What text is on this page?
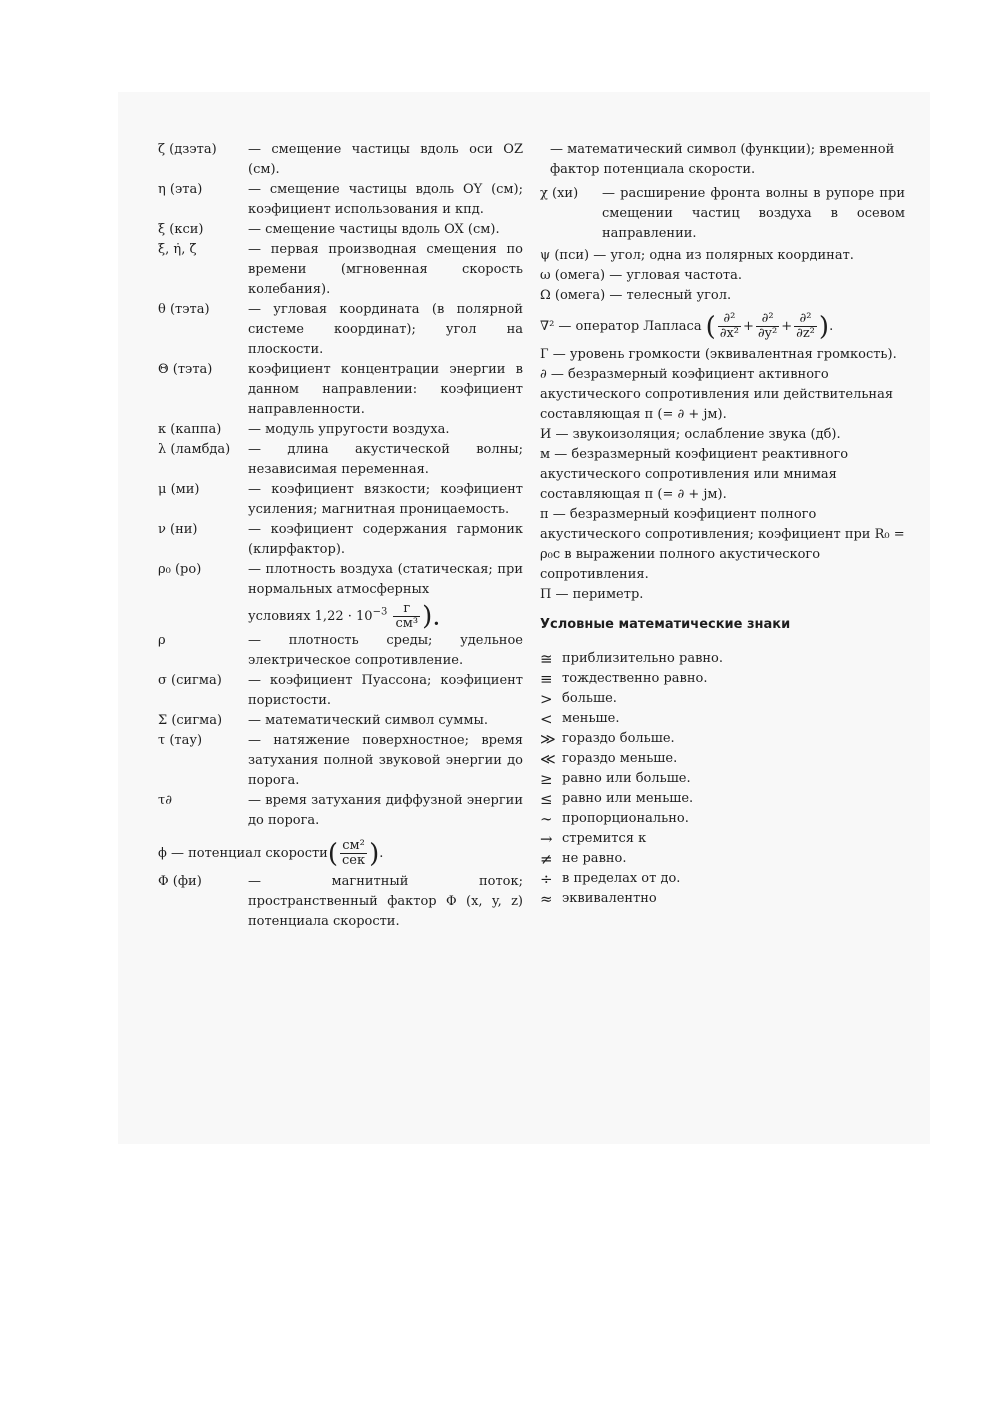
ζ (дзэта) — смещение частицы вдоль оси OZ (см).
η (эта)	— смещение частицы вдоль OY (см); коэфициент использования и кпд.
ξ (кси)	— смещение частицы вдоль OX (см).
ξ̇, η̇, ζ̇	— первая производная смещения по времени (мгновенная скорость колебания).
θ (тэта)	— угловая координата (в полярной системе координат); угол на плоскости.
Θ (тэта)	коэфициент концентрации энергии в данном направлении: коэфициент направленности.
κ (каппа) — модуль упругости воздуха.
λ (ламбда) — длина акустической волны; независимая переменная.
μ (ми)	— коэфициент вязкости; коэфициент усиления; магнитная проницаемость.
ν (ни)	— коэфициент содержания гармоник (клирфактор).
ρ₀ (ро)	— плотность воздуха (статическая; при нормальных атмосферных
условиях $1,22 \cdot 10^{-3} \frac{г}{\text{см³}}$ ).
ρ	— плотность среды; удельное электрическое сопротивление.
σ (сигма) — коэфициент Пуассона; коэфициент пористости.
Σ (сигма) — математический символ суммы.
τ (тау)	— натяжение поверхностное; время затухания полной звуковой энергии до порога.
τ∂	— время затухания диффузной энергии до порога.
ϕ — потенциал скорости ( $\frac{\text{см²}}{\text{сек}}$ ) .
Φ (фи)	— магнитный поток; пространственный фактор Φ (x, y, z) потенциала скорости.
— математический символ (функции); временной фактор потенциала скорости.
χ (хи) — расширение фронта волны в рупоре при смещении частиц воздуха в осевом направлении.
ψ (пси) — угол; одна из полярных координат.
ω (омега) — угловая частота.
Ω (омега) — телесный угол.
∇² — оператор Лапласа ( $\frac{\text{∂²}}{\text{∂x²}} + \frac{\text{∂²}}{\text{∂y²}} + \frac{\text{∂²}}{\text{∂z²}}$ ) .
Г — уровень громкости (эквивалентная громкость).
∂ — безразмерный коэфициент активного акустического сопротивления или действительная составляющая п (= ∂ + jм).
И — звукоизоляция; ослабление звука (дб).
м — безразмерный коэфициент реактивного акустического сопротивления или мнимая составляющая п (= ∂ + jм).
п — безразмерный коэфициент полного акустического сопротивления; коэфициент при R₀ = ρ₀c в выражении полного акустического сопротивления.
П — периметр.
Условные математические знаки
≅ приблизительно равно.
≡ тождественно равно.
> больше.
< меньше.
≫ гораздо больше.
≪ гораздо меньше.
≥ равно или больше.
≤ равно или меньше.
∼ пропорционально.
→ стремится к
≠ не равно.
÷ в пределах от до.
≈ эквивалентно
